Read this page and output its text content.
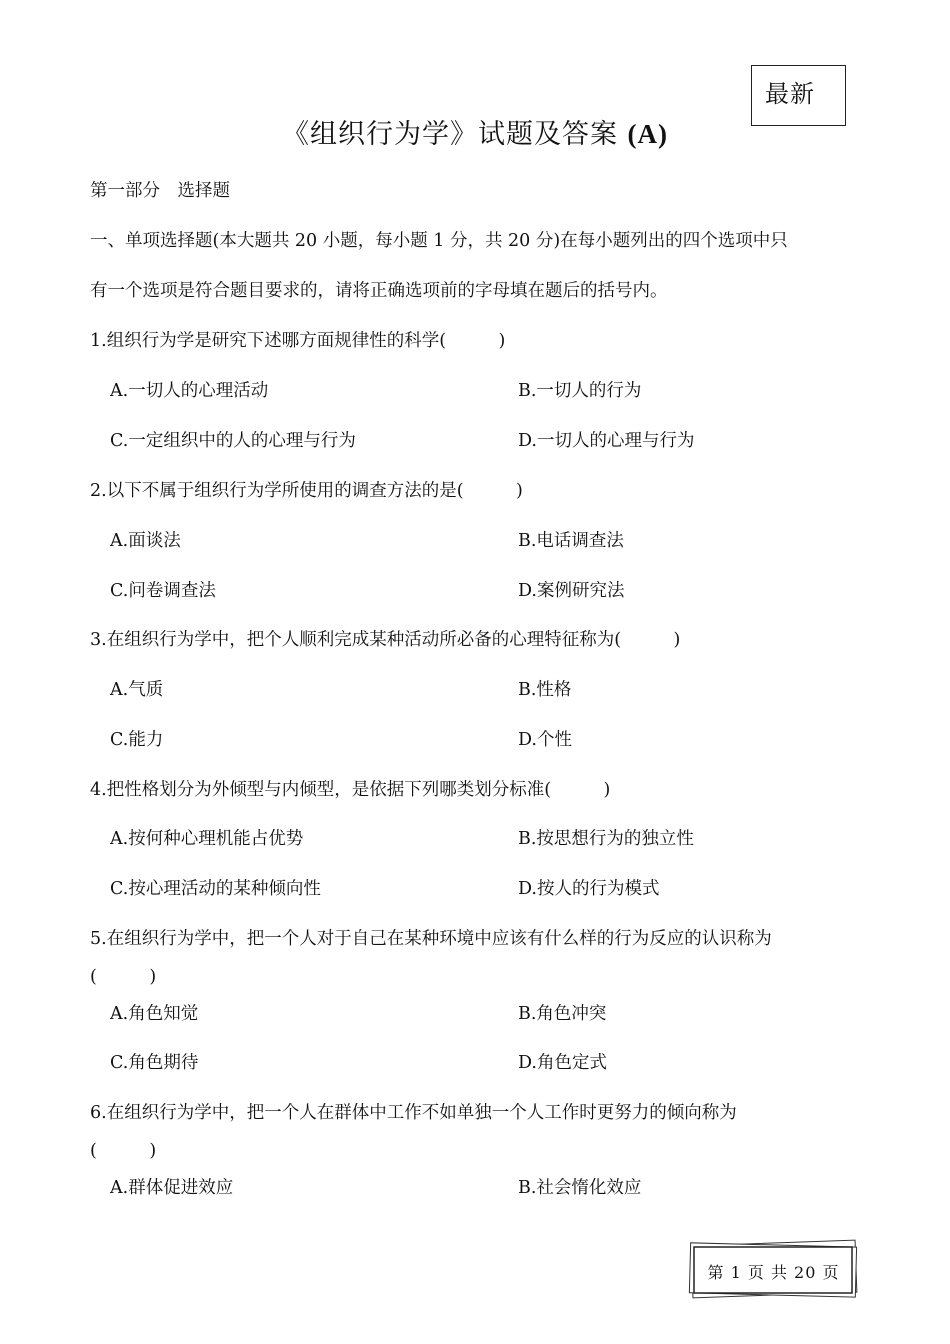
最新
《组织行为学》试题及答案 (A)
第一部分　选择题
一、单项选择题(本大题共 20 小题，每小题 1 分，共 20 分)在每小题列出的四个选项中只
有一个选项是符合题目要求的，请将正确选项前的字母填在题后的括号内。
1.组织行为学是研究下述哪方面规律性的科学(　　　)
A.一切人的心理活动	B.一切人的行为
C.一定组织中的人的心理与行为	D.一切人的心理与行为
2.以下不属于组织行为学所使用的调查方法的是(　　　)
A.面谈法	B.电话调查法
C.问卷调查法	D.案例研究法
3.在组织行为学中，把个人顺利完成某种活动所必备的心理特征称为(　　　)
A.气质	B.性格
C.能力	D.个性
4.把性格划分为外倾型与内倾型，是依据下列哪类划分标准(　　　)
A.按何种心理机能占优势	B.按思想行为的独立性
C.按心理活动的某种倾向性	D.按人的行为模式
5.在组织行为学中，把一个人对于自己在某种环境中应该有什么样的行为反应的认识称为
(　　　)
A.角色知觉	B.角色冲突
C.角色期待	D.角色定式
6.在组织行为学中，把一个人在群体中工作不如单独一个人工作时更努力的倾向称为
(　　　)
A.群体促进效应	B.社会惰化效应
第 1 页 共 20 页
